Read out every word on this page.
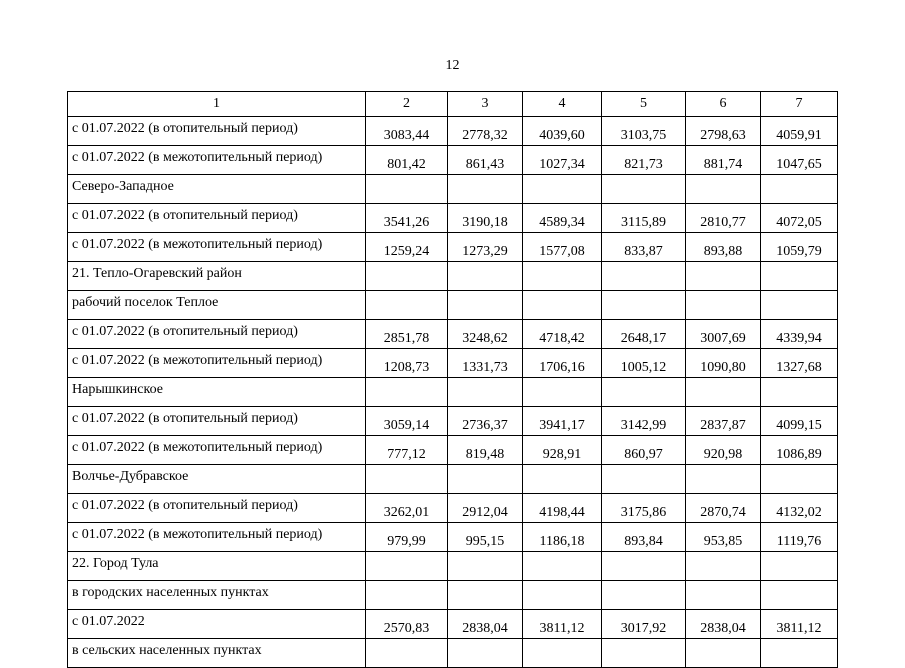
12
1	2	3	4	5	6	7
с 01.07.2022 (в отопительный период)	3083,44	2778,32	4039,60	3103,75	2798,63	4059,91
с 01.07.2022 (в межотопительный период)	801,42	861,43	1027,34	821,73	881,74	1047,65
Северо-Западное						
с 01.07.2022 (в отопительный период)	3541,26	3190,18	4589,34	3115,89	2810,77	4072,05
с 01.07.2022 (в межотопительный период)	1259,24	1273,29	1577,08	833,87	893,88	1059,79
21. Тепло-Огаревский район						
рабочий поселок Теплое						
с 01.07.2022 (в отопительный период)	2851,78	3248,62	4718,42	2648,17	3007,69	4339,94
с 01.07.2022 (в межотопительный период)	1208,73	1331,73	1706,16	1005,12	1090,80	1327,68
Нарышкинское						
с 01.07.2022 (в отопительный период)	3059,14	2736,37	3941,17	3142,99	2837,87	4099,15
с 01.07.2022 (в межотопительный период)	777,12	819,48	928,91	860,97	920,98	1086,89
Волчье-Дубравское						
с 01.07.2022 (в отопительный период)	3262,01	2912,04	4198,44	3175,86	2870,74	4132,02
с 01.07.2022 (в межотопительный период)	979,99	995,15	1186,18	893,84	953,85	1119,76
22. Город Тула						
в городских населенных пунктах						
с 01.07.2022	2570,83	2838,04	3811,12	3017,92	2838,04	3811,12
в сельских населенных пунктах						
